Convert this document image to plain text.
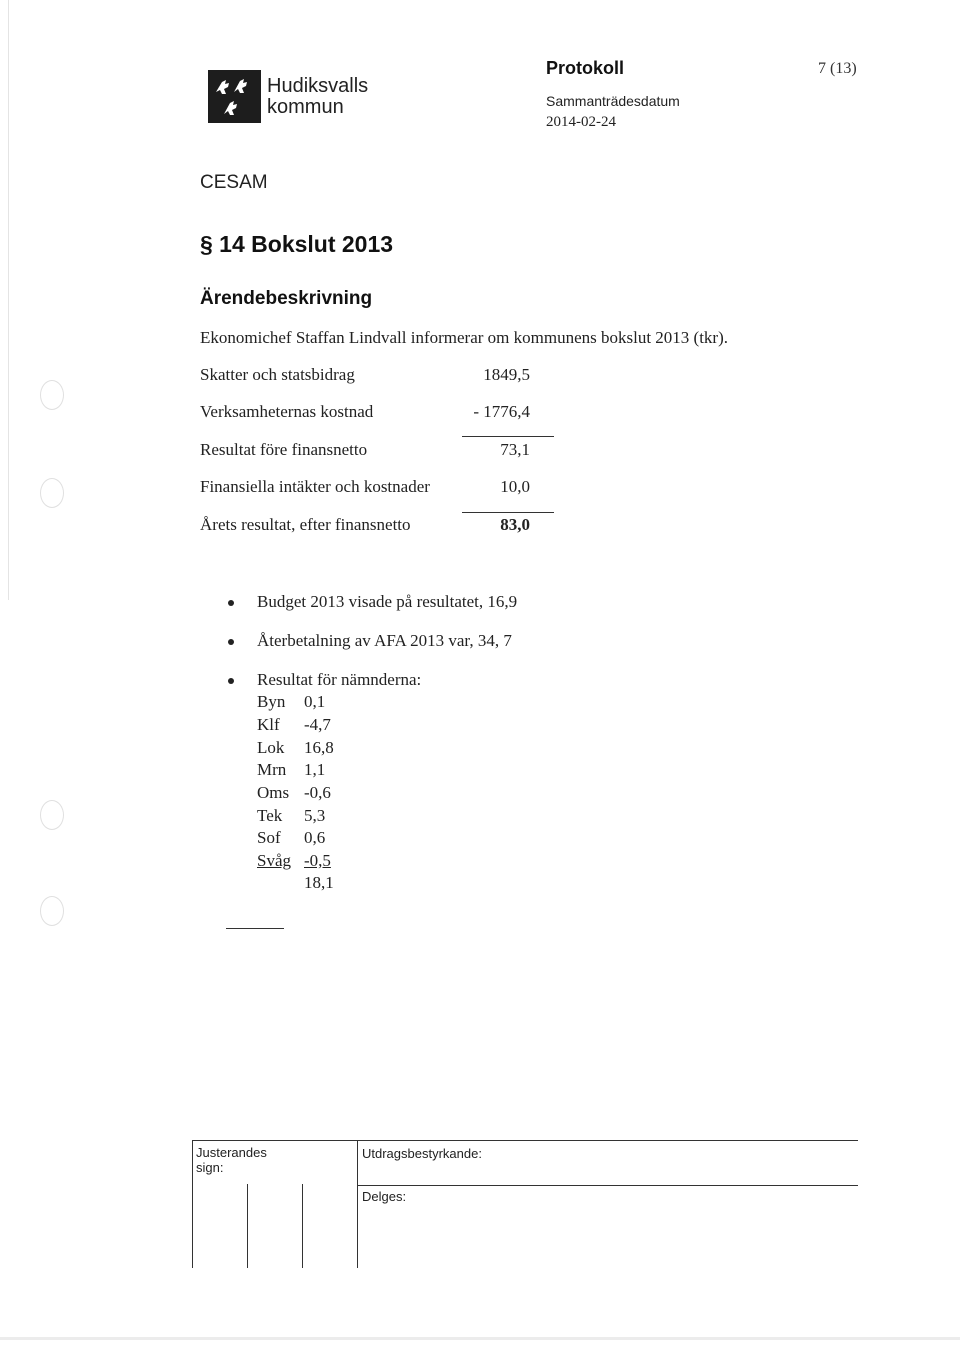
Hudiksvalls
kommun
Protokoll	7 (13)
Sammanträdesdatum
2014-02-24
CESAM
§ 14 Bokslut 2013
Ärendebeskrivning
Ekonomichef Staffan Lindvall informerar om kommunens bokslut 2013 (tkr).
Skatter och statsbidrag	1849,5
Verksamheternas kostnad	- 1776,4
Resultat före finansnetto	73,1
Finansiella intäkter och kostnader	10,0
Årets resultat, efter finansnetto	83,0
Budget 2013 visade på resultatet, 16,9
Återbetalning av AFA 2013 var, 34, 7
Resultat för nämnderna:
Byn 0,1
Klf -4,7
Lok 16,8
Mrn 1,1
Oms -0,6
Tek 5,3
Sof 0,6
Svåg -0,5
18,1
Justerandes
sign:
Utdragsbestyrkande:
Delges:
